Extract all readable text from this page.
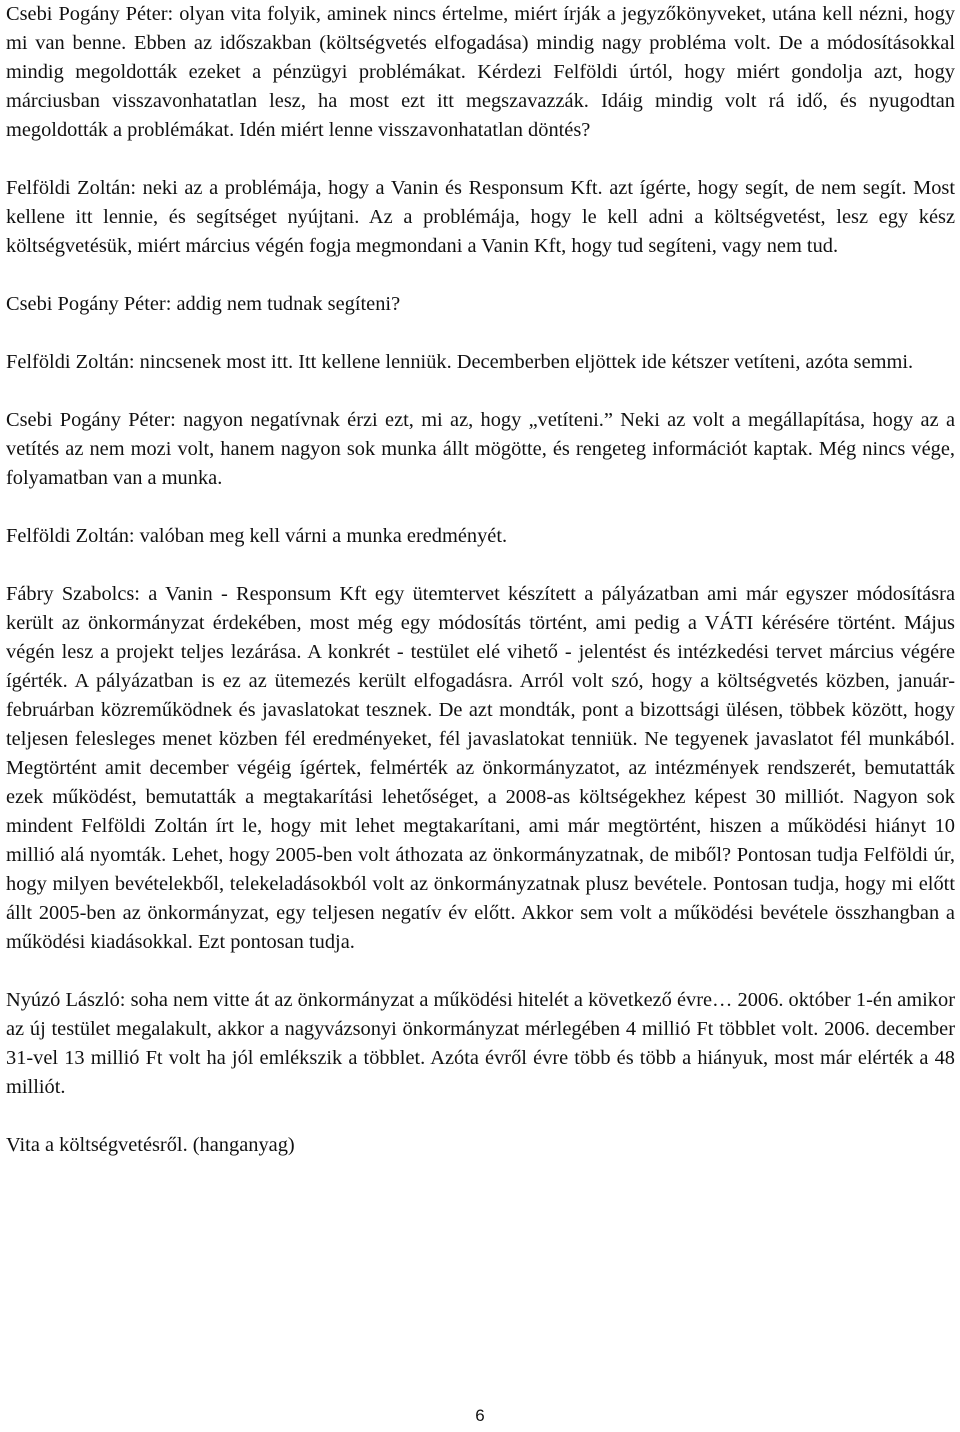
Csebi Pogány Péter: olyan vita folyik, aminek nincs értelme, miért írják a jegyzőkönyveket, utána kell nézni, hogy mi van benne. Ebben az időszakban (költségvetés elfogadása) mindig nagy probléma volt. De a módosításokkal mindig megoldották ezeket a pénzügyi problémákat. Kérdezi Felföldi úrtól, hogy miért gondolja azt, hogy márciusban visszavonhatatlan lesz, ha most ezt itt megszavazzák. Idáig mindig volt rá idő, és nyugodtan megoldották a problémákat. Idén miért lenne visszavonhatatlan döntés?

Felföldi Zoltán: neki az a problémája, hogy a Vanin és Responsum Kft. azt ígérte, hogy segít, de nem segít. Most kellene itt lennie, és segítséget nyújtani. Az a problémája, hogy le kell adni a költségvetést, lesz egy kész költségvetésük, miért március végén fogja megmondani a Vanin Kft, hogy tud segíteni, vagy nem tud.

Csebi Pogány Péter: addig nem tudnak segíteni?

Felföldi Zoltán: nincsenek most itt. Itt kellene lenniük. Decemberben eljöttek ide kétszer vetíteni, azóta semmi.

Csebi Pogány Péter: nagyon negatívnak érzi ezt, mi az, hogy „vetíteni.” Neki az volt a megállapítása, hogy az a vetítés az nem mozi volt, hanem nagyon sok munka állt mögötte, és rengeteg információt kaptak. Még nincs vége, folyamatban van a munka.

Felföldi Zoltán: valóban meg kell várni a munka eredményét.

Fábry Szabolcs: a Vanin - Responsum Kft egy ütemtervet készített a pályázatban ami már egyszer módosításra került az önkormányzat érdekében, most még egy módosítás történt, ami pedig a VÁTI kérésére történt. Május végén lesz a projekt teljes lezárása. A konkrét - testület elé vihető - jelentést és intézkedési tervet március végére ígérték. A pályázatban is ez az ütemezés került elfogadásra. Arról volt szó, hogy a költségvetés közben, január-februárban közreműködnek és javaslatokat tesznek. De azt mondták, pont a bizottsági ülésen, többek között, hogy teljesen felesleges menet közben fél eredményeket, fél javaslatokat tenniük. Ne tegyenek javaslatot fél munkából. Megtörtént amit december végéig ígértek, felmérték az önkormányzatot, az intézmények rendszerét, bemutatták ezek működést, bemutatták a megtakarítási lehetőséget, a 2008-as költségekhez képest 30 milliót. Nagyon sok mindent Felföldi Zoltán írt le, hogy mit lehet megtakarítani, ami már megtörtént, hiszen a működési hiányt 10 millió alá nyomták. Lehet, hogy 2005-ben volt áthozata az önkormányzatnak, de miből? Pontosan tudja Felföldi úr, hogy milyen bevételekből, telekeladásokból volt az önkormányzatnak plusz bevétele. Pontosan tudja, hogy mi előtt állt 2005-ben az önkormányzat, egy teljesen negatív év előtt. Akkor sem volt a működési bevétele összhangban a működési kiadásokkal. Ezt pontosan tudja.

Nyúzó László: soha nem vitte át az önkormányzat a működési hitelét a következő évre… 2006. október 1-én amikor az új testület megalakult, akkor a nagyvázsonyi önkormányzat mérlegében 4 millió Ft többlet volt. 2006. december 31-vel 13 millió Ft volt ha jól emlékszik a többlet. Azóta évről évre több és több a hiányuk, most már elérték a 48 milliót.

Vita a költségvetésről. (hanganyag)

6
